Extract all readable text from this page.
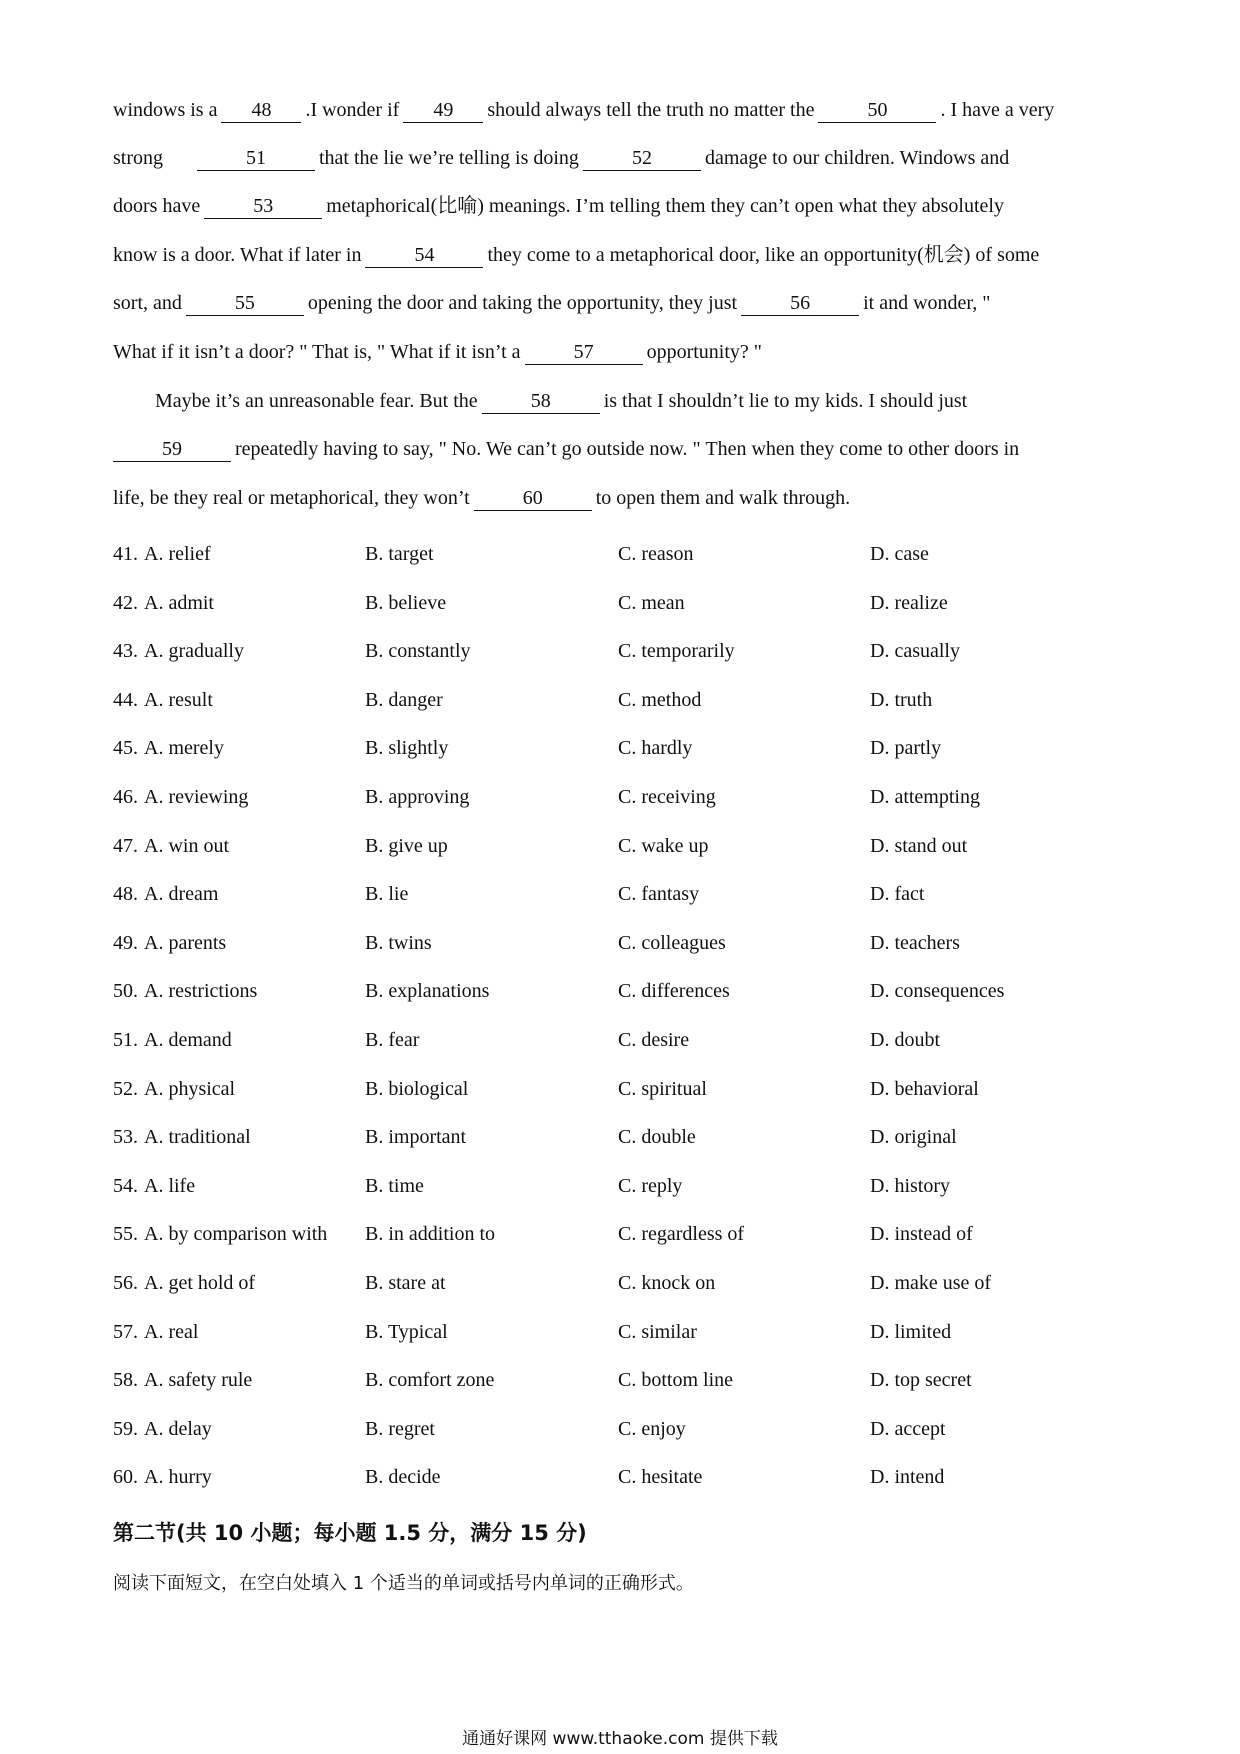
windows is a 48 .I wonder if 49 should always tell the truth no matter the	50	. I have a very
strong	51	that the lie we’re telling is doing	52	damage to our children. Windows and
doors have	53	metaphorical(比喻) meanings. I’m telling them they can’t open what they absolutely
know is a door. What if later in	54	they come to a metaphorical door, like an opportunity(机会) of some
sort, and	55	opening the door and taking the opportunity, they just	56	it and wonder, "
What if it isn’t a door? " That is, " What if it isn’t a	57	opportunity? "
Maybe it’s an unreasonable fear. But the	58	is that I shouldn’t lie to my kids. I should just
59	repeatedly having to say, " No. We can’t go outside now. " Then when they come to other doors in
life, be they real or metaphorical, they won’t	60	to open them and walk through.
41. A. relief	B. target	C. reason	D. case
42. A. admit	B. believe	C. mean	D. realize
43. A. gradually	B. constantly	C. temporarily	D. casually
44. A. result	B. danger	C. method	D. truth
45. A. merely	B. slightly	C. hardly	D. partly
46. A. reviewing	B. approving	C. receiving	D. attempting
47. A. win out	B. give up	C. wake up	D. stand out
48. A. dream	B. lie	C. fantasy	D. fact
49. A. parents	B. twins	C. colleagues	D. teachers
50. A. restrictions	B. explanations	C. differences	D. consequences
51. A. demand	B. fear	C. desire	D. doubt
52. A. physical	B. biological	C. spiritual	D. behavioral
53. A. traditional	B. important	C. double	D. original
54. A. life	B. time	C. reply	D. history
55. A. by comparison with B. in addition to	C. regardless of	D. instead of
56. A. get hold of	B. stare at	C. knock on	D. make use of
57. A. real	B. Typical	C. similar	D. limited
58. A. safety rule	B. comfort zone	C. bottom line	D. top secret
59. A. delay	B. regret	C. enjoy	D. accept
60. A. hurry	B. decide	C. hesitate	D. intend
第二节(共 10 小题；每小题 1.5 分，满分 15 分)
阅读下面短文，在空白处填入 1 个适当的单词或括号内单词的正确形式。
通通好课网 www.tthaoke.com 提供下载
